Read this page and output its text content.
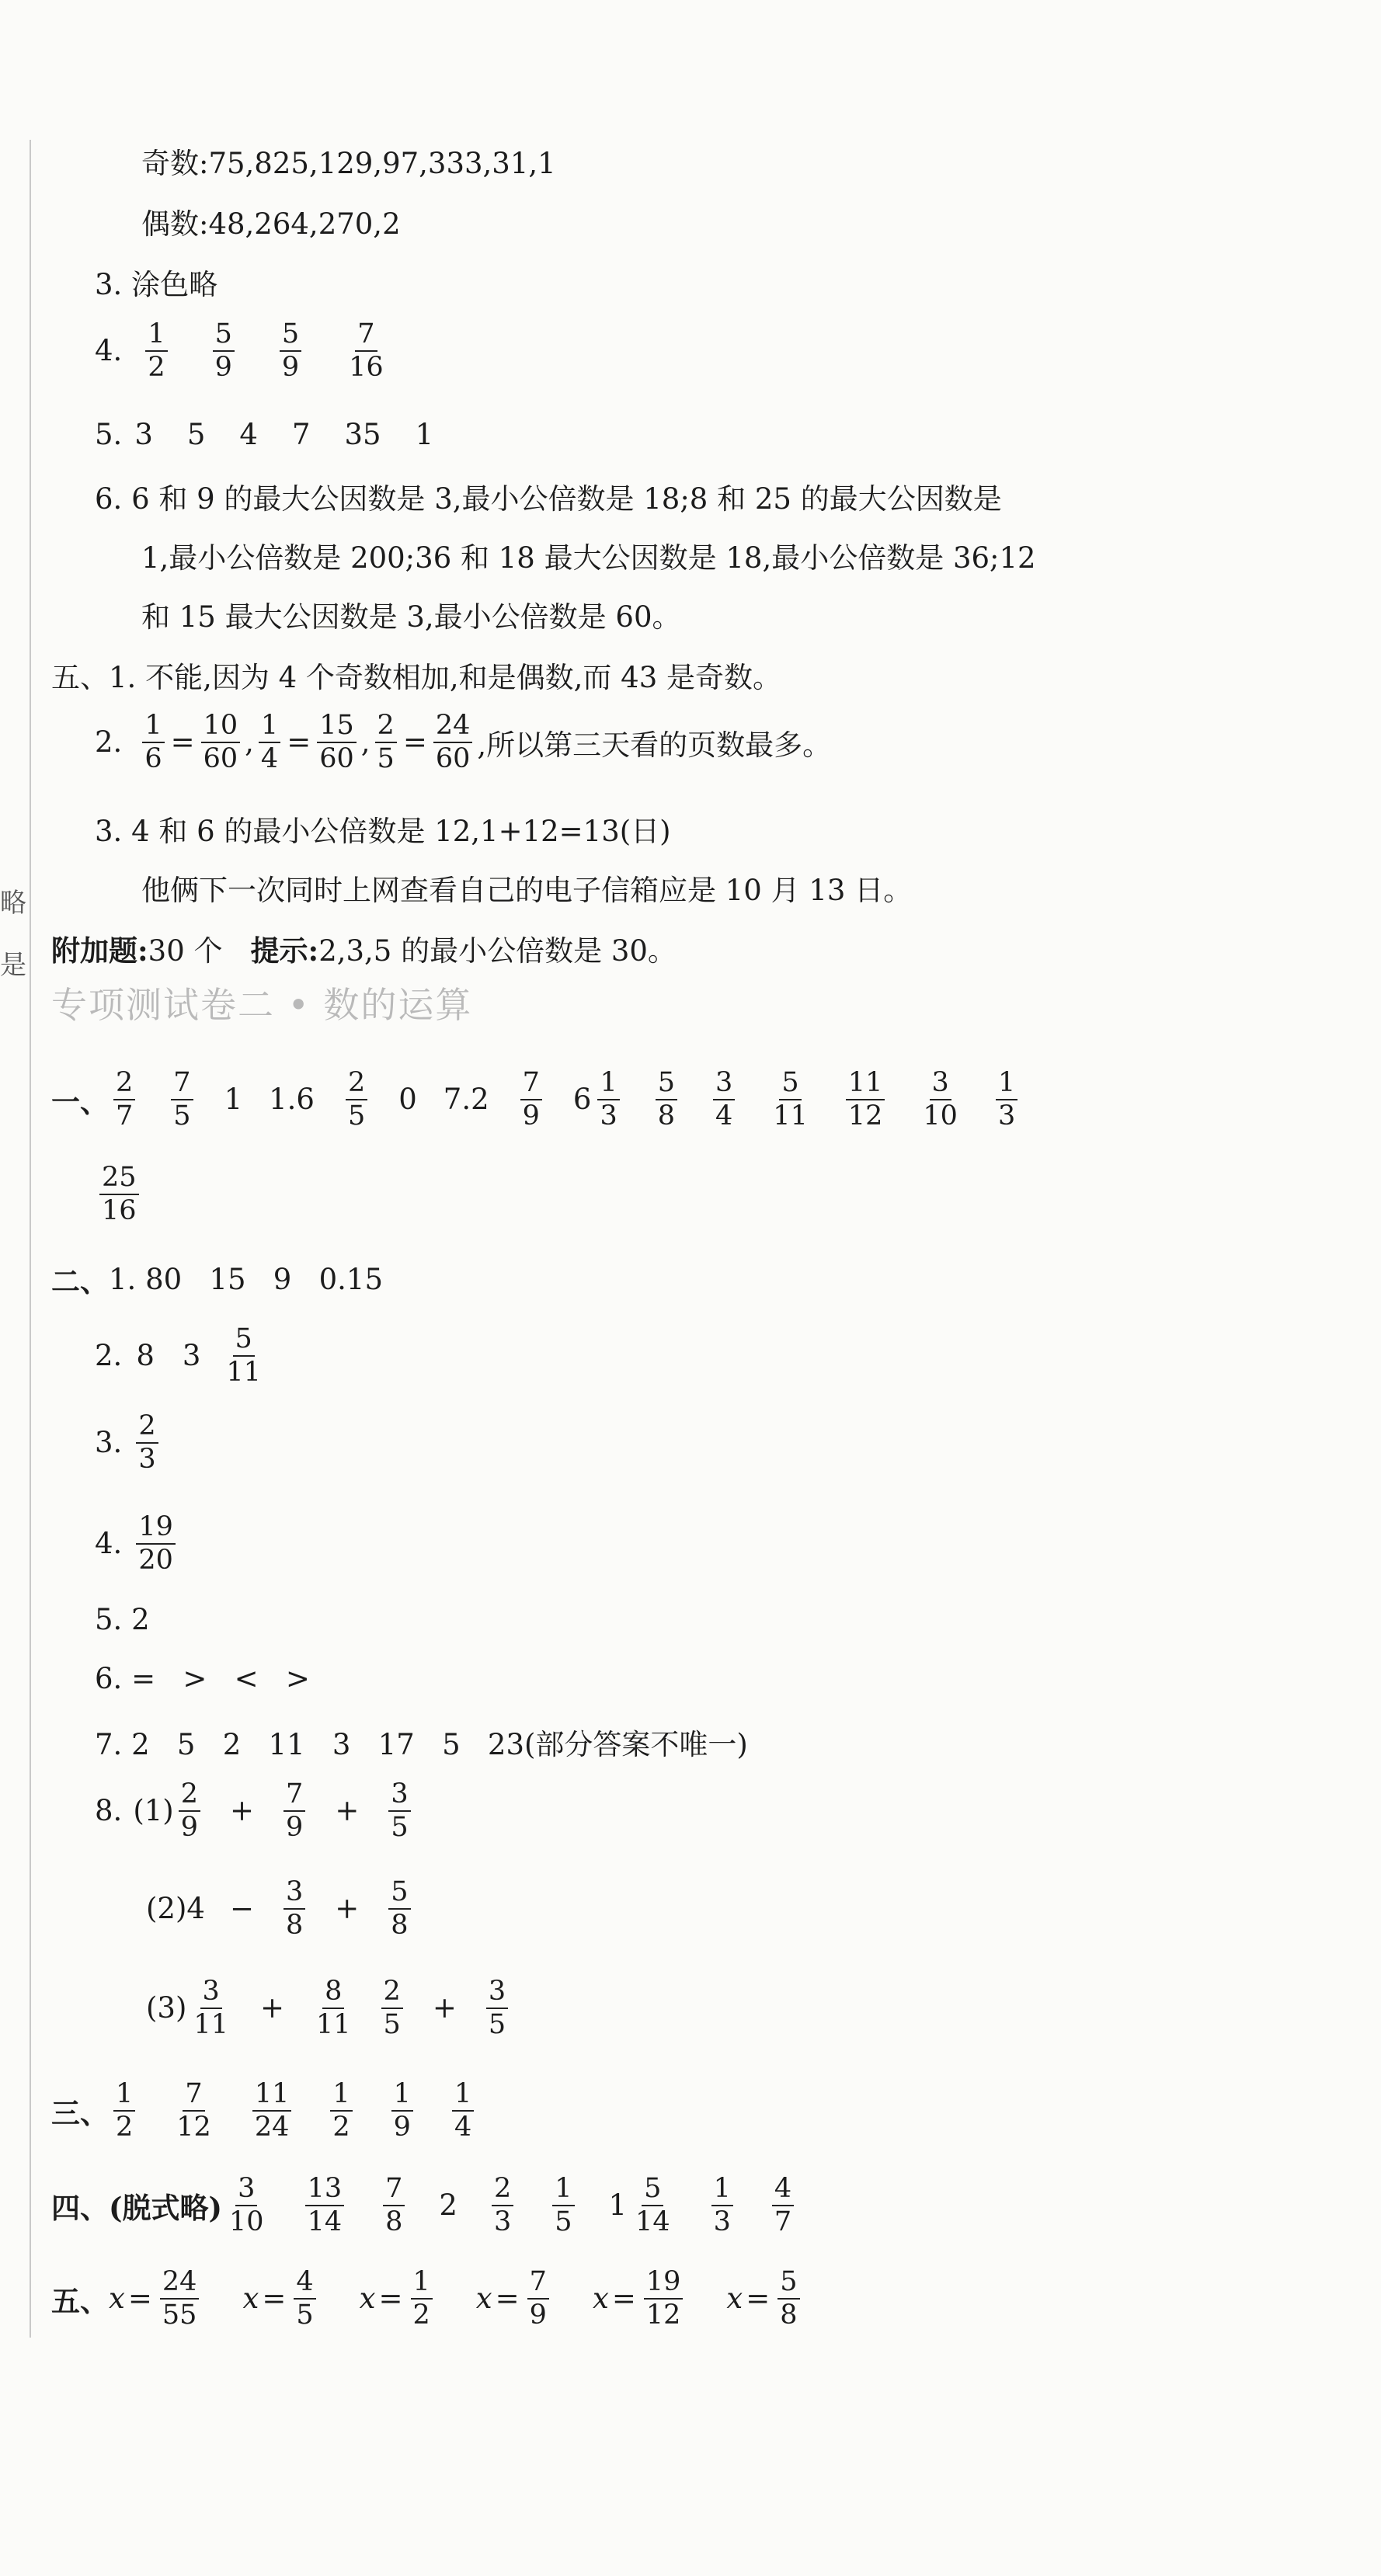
略
是
奇数:75,825,129,97,333,31,1
偶数:48,264,270,2
3. 涂色略
4. $\frac{1}{2} \frac{5}{9} \frac{5}{9} \frac{7}{16}$
5. 3 5 4 7 35 1
6. 6 和 9 的最大公因数是 3,最小公倍数是 18;8 和 25 的最大公因数是
1,最小公倍数是 200;36 和 18 最大公因数是 18,最小公倍数是 36;12
和 15 最大公因数是 3,最小公倍数是 60。
五、1. 不能,因为 4 个奇数相加,和是偶数,而 43 是奇数。
2. $\frac{1}{6} = \frac{10}{60}$ , $\frac{1}{4} = \frac{15}{60}$ , $\frac{2}{5} = \frac{24}{60}$ ,所以第三天看的页数最多。
3. 4 和 6 的最小公倍数是 12,1+12=13(日)
他俩下一次同时上网查看自己的电子信箱应是 10 月 13 日。
附加题: 30 个 提示: 2,3,5 的最小公倍数是 30。
专项测试卷二 • 数的运算
一、 $\frac{2}{7} \frac{7}{5} 1$ $1.6 \frac{2}{5} 0$ $7.2 \frac{7}{9} 6 \frac{1}{3} \frac{5}{8} \frac{3}{4} \frac{5}{11} \frac{11}{12} \frac{3}{10} \frac{1}{3}$
$\frac{25}{16}$
二、 1. 80   15   9   0.15
2. 8 $3 \frac{5}{11}$
3. $\frac{2}{3}$
4. $\frac{19}{20}$
5. 2
6. =   >   <   >
7. 2   5   2   11   3   17   5   23(部分答案不唯一)
8. $(1) \frac{2}{9} + \frac{7}{9} + \frac{3}{5}$
$(2)4 - \frac{3}{8} + \frac{5}{8}$
$(3) \frac{3}{11} + \frac{8}{11} \frac{2}{5} + \frac{3}{5}$
三、 $\frac{1}{2} \frac{7}{12} \frac{11}{24} \frac{1}{2} \frac{1}{9} \frac{1}{4}$
四、(脱式略) $\frac{3}{10} \frac{13}{14} \frac{7}{8} 2 \frac{2}{3} \frac{1}{5} 1 \frac{5}{14} \frac{1}{3} \frac{4}{7}$
五、 $x = \frac{24}{55}$ $x = \frac{4}{5}$ $x = \frac{1}{2}$ $x = \frac{7}{9}$ $x = \frac{19}{12}$ $x = \frac{5}{8}$
